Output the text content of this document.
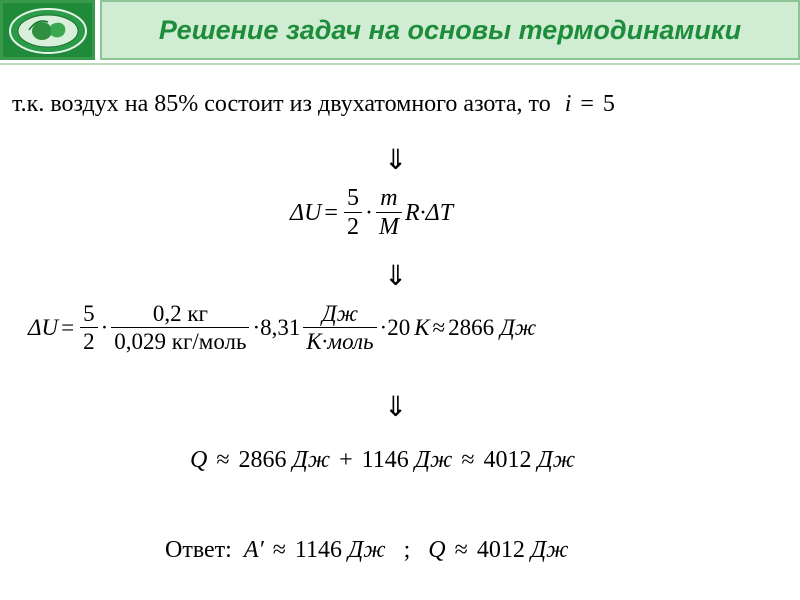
Решение задач на основы термодинамики
т.к. воздух на 85% состоит из двухатомного азота, то i = 5
⇓
$\Delta U = \frac{5}{2} \cdot \frac{m}{M} R\cdot\Delta T$
⇓
$\Delta U = \frac{5}{2} \cdot \frac{0,2 кг}{\text{0,029 кг/моль}} \cdot 8,31 \frac{Дж}{\text{К·моль}} \cdot 20$ К ≈ 2866 Дж
⇓
Q ≈ 2866 Дж + 1146 Дж ≈ 4012 Дж
Ответ: A′ ≈ 1146 Дж ; Q ≈ 4012 Дж
